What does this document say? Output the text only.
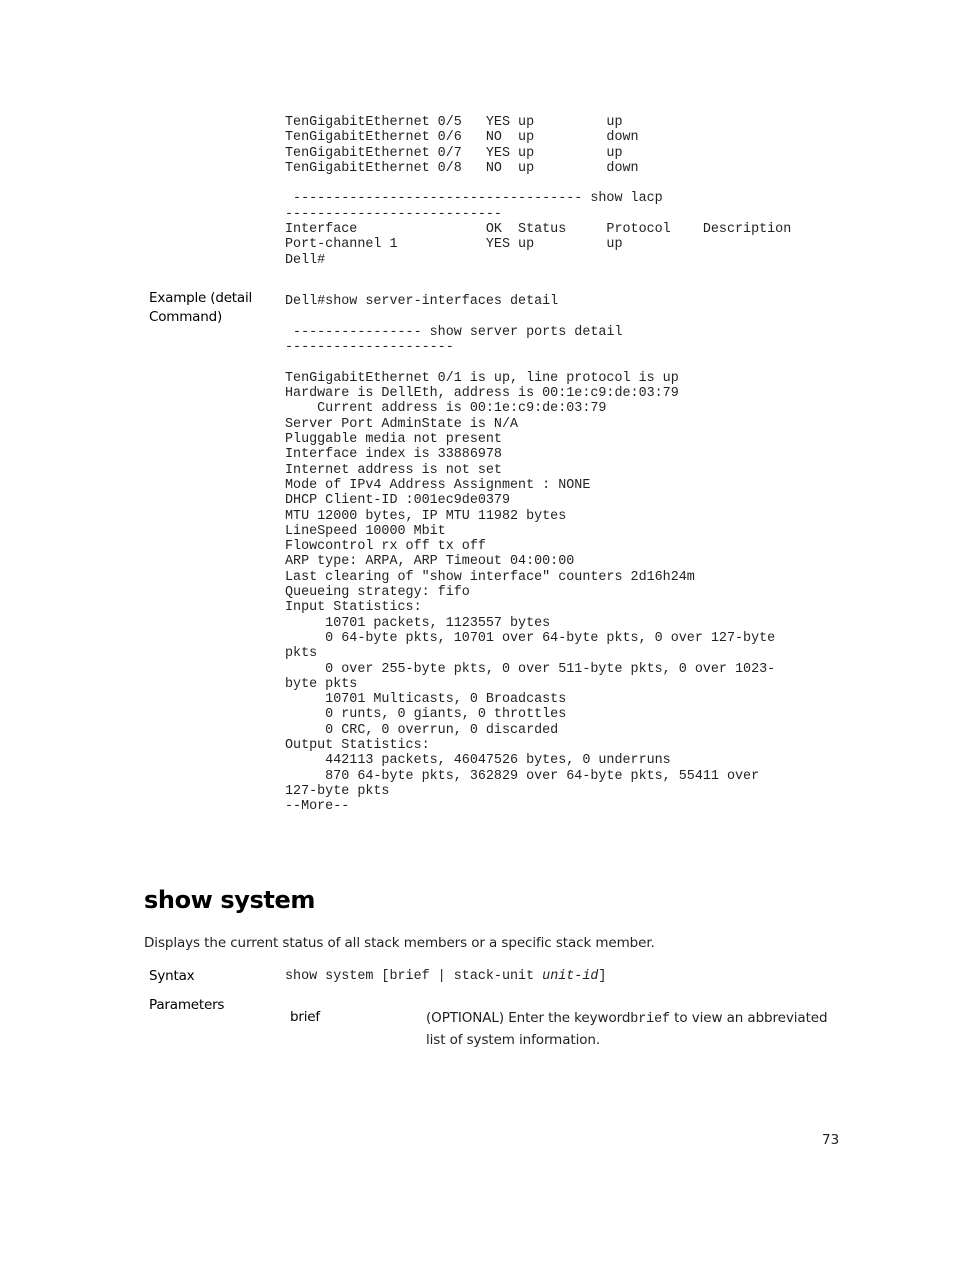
TenGigabitEthernet 0/5   YES up         up
TenGigabitEthernet 0/6   NO  up         down
TenGigabitEthernet 0/7   YES up         up
TenGigabitEthernet 0/8   NO  up         down

------------------------------------ show lacp
---------------------------
Interface                OK  Status     Protocol    Description
Port-channel 1           YES up         up
Dell#
Example (detail Command)
Dell#show server-interfaces detail
---------------- show server ports detail
---------------------

TenGigabitEthernet 0/1 is up, line protocol is up
Hardware is DellEth, address is 00:1e:c9:de:03:79
Current address is 00:1e:c9:de:03:79
Server Port AdminState is N/A
Pluggable media not present
Interface index is 33886978
Internet address is not set
Mode of IPv4 Address Assignment : NONE
DHCP Client-ID :001ec9de0379
MTU 12000 bytes, IP MTU 11982 bytes
LineSpeed 10000 Mbit
Flowcontrol rx off tx off
ARP type: ARPA, ARP Timeout 04:00:00
Last clearing of "show interface" counters 2d16h24m
Queueing strategy: fifo
Input Statistics:
10701 packets, 1123557 bytes
0 64-byte pkts, 10701 over 64-byte pkts, 0 over 127-byte
pkts
0 over 255-byte pkts, 0 over 511-byte pkts, 0 over 1023-
byte pkts
10701 Multicasts, 0 Broadcasts
0 runts, 0 giants, 0 throttles
0 CRC, 0 overrun, 0 discarded
Output Statistics:
442113 packets, 46047526 bytes, 0 underruns
870 64-byte pkts, 362829 over 64-byte pkts, 55411 over
127-byte pkts
--More--
show system
Displays the current status of all stack members or a specific stack member.
Syntax	show system [brief | stack-unit unit-id]
Parameters
brief	(OPTIONAL) Enter the keywordbrief to view an abbreviated list of system information.
73
